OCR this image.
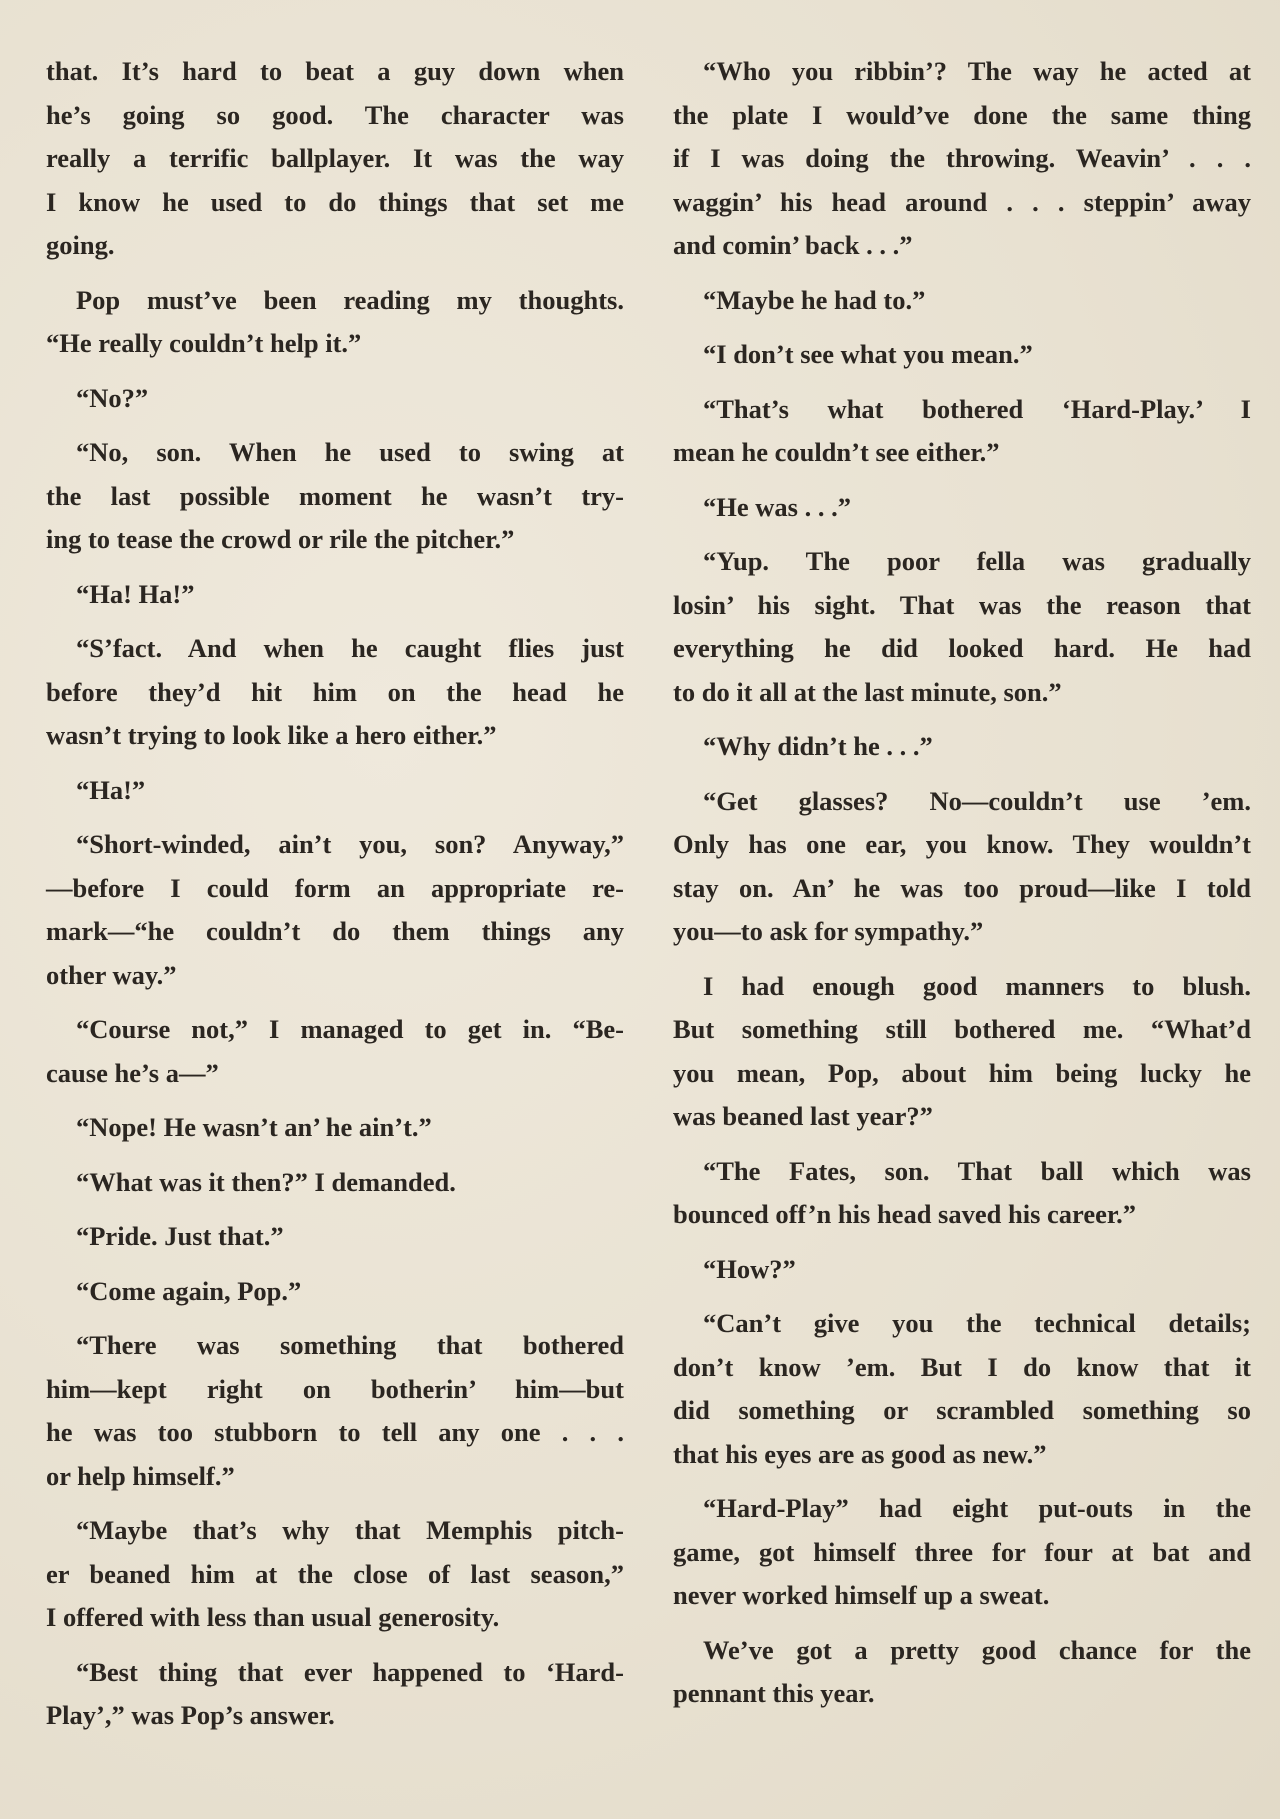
that. It’s hard to beat a guy down when
he’s going so good. The character was
really a terrific ballplayer. It was the way
I know he used to do things that set me
going.
Pop must’ve been reading my thoughts.
“He really couldn’t help it.”
“No?”
“No, son. When he used to swing at
the last possible moment he wasn’t try-
ing to tease the crowd or rile the pitcher.”
“Ha! Ha!”
“S’fact. And when he caught flies just
before they’d hit him on the head he
wasn’t trying to look like a hero either.”
“Ha!”
“Short-winded, ain’t you, son? Anyway,”
—before I could form an appropriate re-
mark—“he couldn’t do them things any
other way.”
“Course not,” I managed to get in. “Be-
cause he’s a—”
“Nope! He wasn’t an’ he ain’t.”
“What was it then?” I demanded.
“Pride. Just that.”
“Come again, Pop.”
“There was something that bothered
him—kept right on botherin’ him—but
he was too stubborn to tell any one . . .
or help himself.”
“Maybe that’s why that Memphis pitch-
er beaned him at the close of last season,”
I offered with less than usual generosity.
“Best thing that ever happened to ‘Hard-
Play’,” was Pop’s answer.
“Who you ribbin’? The way he acted at
the plate I would’ve done the same thing
if I was doing the throwing. Weavin’ . . .
waggin’ his head around . . . steppin’ away
and comin’ back . . .”
“Maybe he had to.”
“I don’t see what you mean.”
“That’s what bothered ‘Hard-Play.’ I
mean he couldn’t see either.”
“He was . . .”
“Yup. The poor fella was gradually
losin’ his sight. That was the reason that
everything he did looked hard. He had
to do it all at the last minute, son.”
“Why didn’t he . . .”
“Get glasses? No—couldn’t use ’em.
Only has one ear, you know. They wouldn’t
stay on. An’ he was too proud—like I told
you—to ask for sympathy.”
I had enough good manners to blush.
But something still bothered me. “What’d
you mean, Pop, about him being lucky he
was beaned last year?”
“The Fates, son. That ball which was
bounced off’n his head saved his career.”
“How?”
“Can’t give you the technical details;
don’t know ’em. But I do know that it
did something or scrambled something so
that his eyes are as good as new.”
“Hard-Play” had eight put-outs in the
game, got himself three for four at bat and
never worked himself up a sweat.
We’ve got a pretty good chance for the
pennant this year.
